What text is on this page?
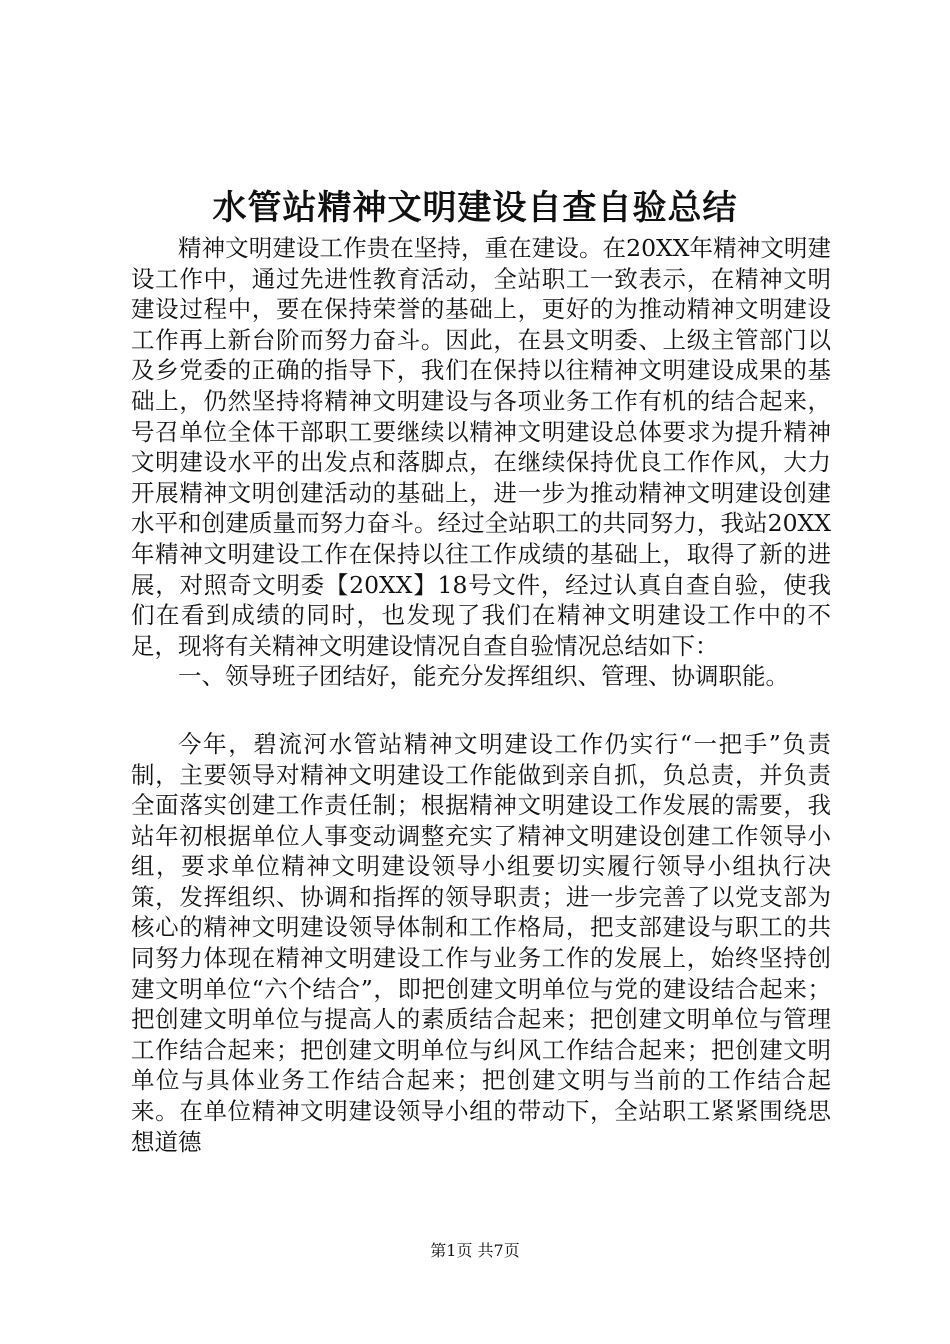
水管站精神文明建设自查自验总结

精神文明建设工作贵在坚持，重在建设。在20XX年精神文明建设工作中，通过先进性教育活动，全站职工一致表示，在精神文明建设过程中，要在保持荣誉的基础上，更好的为推动精神文明建设工作再上新台阶而努力奋斗。因此，在县文明委、上级主管部门以及乡党委的正确的指导下，我们在保持以往精神文明建设成果的基础上，仍然坚持将精神文明建设与各项业务工作有机的结合起来，号召单位全体干部职工要继续以精神文明建设总体要求为提升精神文明建设水平的出发点和落脚点，在继续保持优良工作作风，大力开展精神文明创建活动的基础上，进一步为推动精神文明建设创建水平和创建质量而努力奋斗。经过全站职工的共同努力，我站20XX年精神文明建设工作在保持以往工作成绩的基础上，取得了新的进展，对照奇文明委【20XX】18号文件，经过认真自查自验，使我们在看到成绩的同时，也发现了我们在精神文明建设工作中的不足，现将有关精神文明建设情况自查自验情况总结如下：

一、领导班子团结好，能充分发挥组织、管理、协调职能。

今年，碧流河水管站精神文明建设工作仍实行“一把手”负责制，主要领导对精神文明建设工作能做到亲自抓，负总责，并负责全面落实创建工作责任制；根据精神文明建设工作发展的需要，我站年初根据单位人事变动调整充实了精神文明建设创建工作领导小组，要求单位精神文明建设领导小组要切实履行领导小组执行决策，发挥组织、协调和指挥的领导职责；进一步完善了以党支部为核心的精神文明建设领导体制和工作格局，把支部建设与职工的共同努力体现在精神文明建设工作与业务工作的发展上，始终坚持创建文明单位“六个结合”，即把创建文明单位与党的建设结合起来；把创建文明单位与提高人的素质结合起来；把创建文明单位与管理工作结合起来；把创建文明单位与纠风工作结合起来；把创建文明单位与具体业务工作结合起来；把创建文明与当前的工作结合起来。在单位精神文明建设领导小组的带动下，全站职工紧紧围绕思想道德

第1页 共7页
